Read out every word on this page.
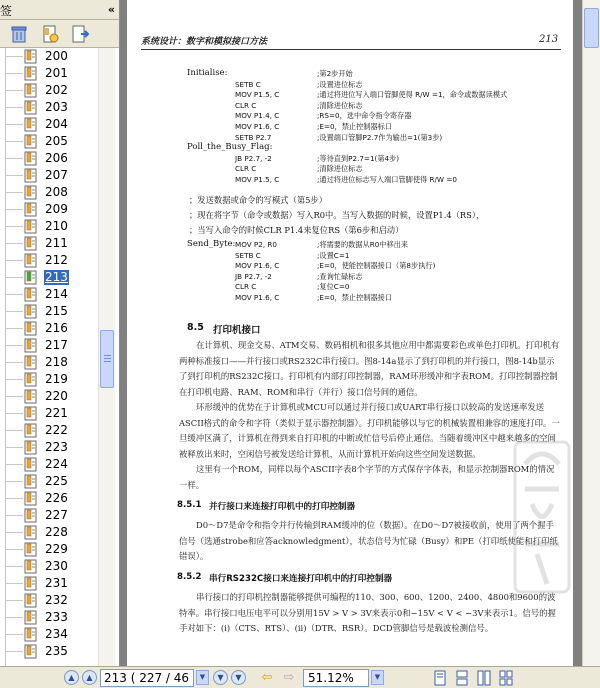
签	«
200
201
202
203
204
205
206
207
208
209
210
211
212
213
214
215
216
217
218
219
220
221
222
223
224
225
226
227
228
229
230
231
232
233
234
235
系统设计：数字和模拟接口方法	213
Initialise:	;第2步开始
SETB C	;设置进位标志
MOV P1.5, C	;通过将进位写入端口管脚使得 R/W =1，命令或数据读模式
CLR C	;清除进位标志
MOV P1.4, C	;RS=0，选中命令指令寄存器
MOV P1.6, C	;E=0，禁止控制器标口
SETB P2.7	;设置端口管脚P2.7作为输出=1(第3步)
Poll_the_Busy_Flag:
JB P2.7, -2	;等待直到P2.7=1(第4步)
CLR C	;清除进位标志
MOV P1.5, C	;通过将进位标志写入端口管脚使得 R/W =0
；发送数据或命令的写模式（第5步）
；现在将字节（命令或数据）写入R0中。当写入数据的时候，设置P1.4（RS），
；当写入命令的时候CLR P1.4来复位RS（第6步和启动）
Send_Byte: MOV P2, R0	;将需要的数据从R0中移出来
SETB C	;设置C=1
MOV P1.6, C	;E=0，使能控制器接口（第8步执行)
JB P2.7, -2	;查询忙碌标志
CLR C	;复位C=0
MOV P1.6, C	;E=0，禁止控制器接口
8.5 打印机接口
在计算机、现金交易、ATM交易、数码相机和很多其他应用中都需要彩色或单色打印机。打印机有两种标准接口——并行接口或RS232C串行接口。图8-14a显示了到打印机的并行接口，图8-14b显示了到打印机的RS232C接口。打印机有内部打印控制器，RAM环形缓冲和字表ROM。打印控制器控制在打印机电路、RAM、ROM和串行（并行）接口信号间的通信。
环形缓冲的优势在于计算机或MCU可以通过并行接口或UART串行接口以较高的发送速率发送ASCII格式的命令和字符（类似于显示器控制器）。打印机能够以与它的机械装置相兼容的速度打印。一旦缓冲区满了，计算机在得到来自打印机的中断或忙信号后停止通信。当随着缓冲区中越来越多的空间被释放出来时，空闲信号被发送给计算机，从而计算机开始向这些空间发送数据。
这里有一个ROM，同样以每个ASCII字表8个字节的方式保存字体表，和显示控制器ROM的情况一样。
8.5.1 并行接口来连接打印机中的打印控制器
D0～D7是命令和指令并行传输到RAM缓冲的位（数据）。在D0～D7被接收前，使用了两个握手信号（选通strobe和应答acknowledgment），状态信号为忙碌（Busy）和PE（打印纸使能和打印纸错误）。
8.5.2 串行RS232C接口来连接打印机中的打印控制器
串行接口的打印机控制器能够提供可编程的110、300、600、1200、2400、4800和9600的波特率。串行接口电压电平可以分别用15V > V > 3V来表示0和−15V < V < −3V来表示1。信号的握手对如下：(i)（CTS、RTS）、(ii)（DTR、RSR）。DCD管脚信号是载波检测信号。
▲	▲ 213 ( 227 / 46	▼	▼	▼	⇦ ⇨	51.12%	▼
